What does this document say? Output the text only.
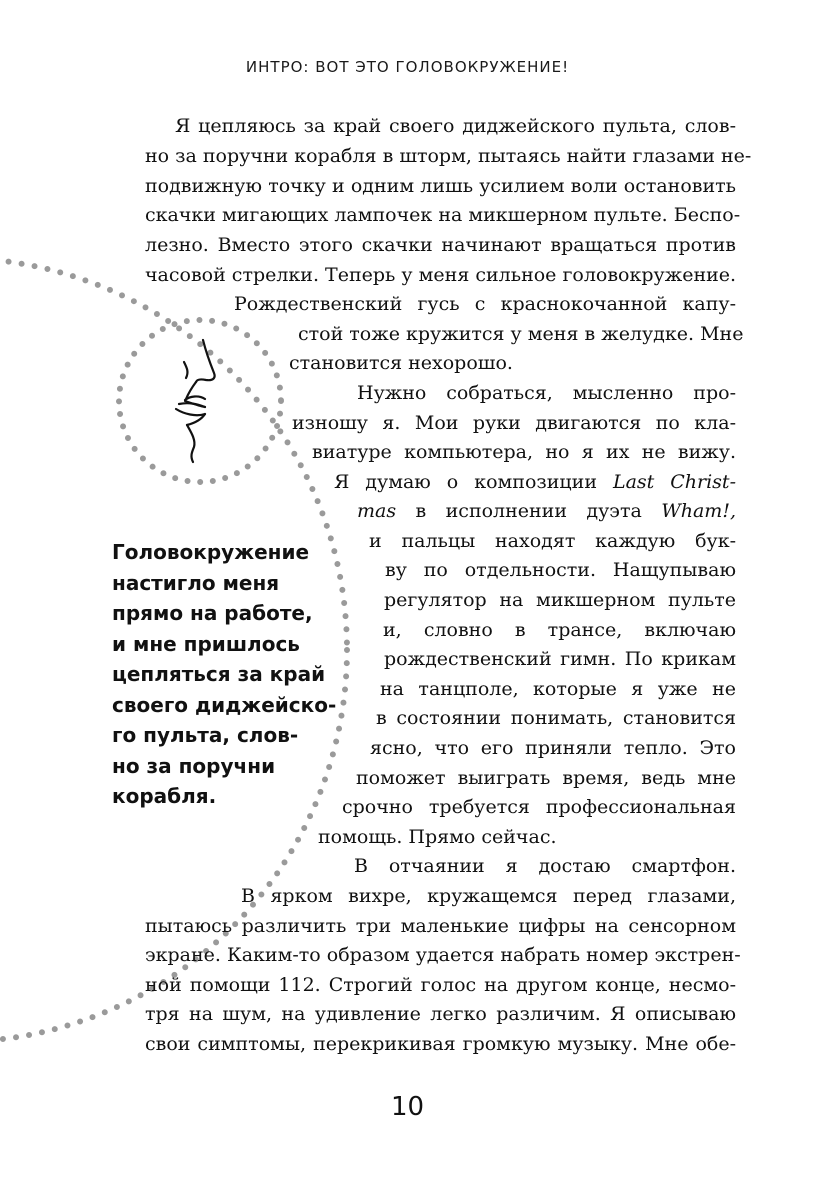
ИНТРО: ВОТ ЭТО ГОЛОВОКРУЖЕНИЕ!
Я цепляюсь за край своего диджейского пульта, слов-
но за поручни корабля в шторм, пытаясь найти глазами не-
подвижную точку и одним лишь усилием воли остановить
скачки мигающих лампочек на микшерном пульте. Беспо-
лезно. Вместо этого скачки начинают вращаться против
часовой стрелки. Теперь у меня сильное головокружение.
Рождественский гусь с краснокочанной капу-
стой тоже кружится у меня в желудке. Мне
становится нехорошо.
Нужно собраться, мысленно про-
изношу я. Мои руки двигаются по кла-
виатуре компьютера, но я их не вижу.
Я думаю о композиции Last Christ-
mas в исполнении дуэта Wham!,
и пальцы находят каждую бук-
ву по отдельности. Нащупываю
регулятор на микшерном пульте
и, словно в трансе, включаю
рождественский гимн. По крикам
на танцполе, которые я уже не
в состоянии понимать, становится
ясно, что его приняли тепло. Это
поможет выиграть время, ведь мне
срочно требуется профессиональная
помощь. Прямо сейчас.
В отчаянии я достаю смартфон.
В ярком вихре, кружащемся перед глазами,
пытаюсь различить три маленькие цифры на сенсорном
экране. Каким-то образом удается набрать номер экстрен-
ной помощи 112. Строгий голос на другом конце, несмо-
тря на шум, на удивление легко различим. Я описываю
свои симптомы, перекрикивая громкую музыку. Мне обе-
Головокружение
настигло меня
прямо на работе,
и мне пришлось
цепляться за край
своего диджейско-
го пульта, слов-
но за поручни
корабля.
10
